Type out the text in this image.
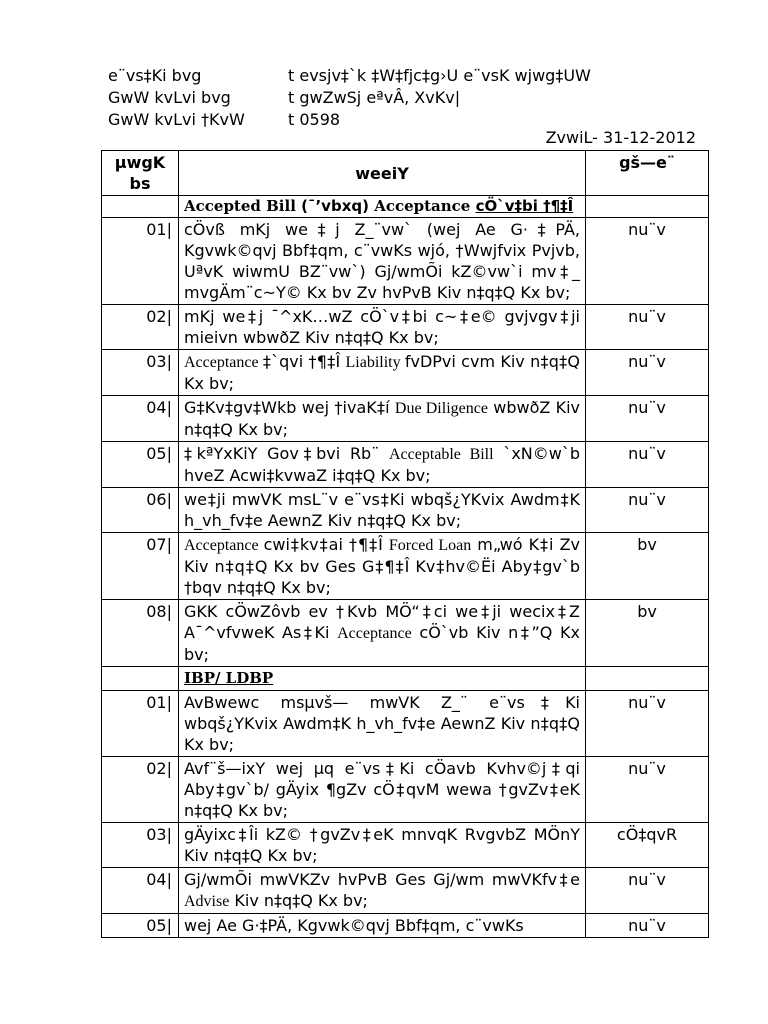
e¨vs‡Ki bvg	t evsjv‡`k ‡W‡fjc‡g›U e¨vsK wjwg‡UW
GwW kvLvi bvg	t gwZwSj eªvÂ, XvKv|
GwW kvLvi †KvW	t 0598
ZvwiL- 31-12-2012
µwgK bs	weeiY	gš—e¨
	Accepted Bill (¯’vbxq) Acceptance cÖ`v‡bi †¶‡Î	
01|	cÖvß mKj we‡j Z_¨vw` (wej Ae G·‡PÄ, Kgvwk©qvj Bbf‡qm, c¨vwKs wjó, †Wwjfvix Pvjvb, UªvK wiwmU BZ¨vw`) Gj/wmÕi kZ©vw`i mv‡_ mvgÄm¨c~Y© Kx bv Zv hvPvB Kiv n‡q‡Q Kx bv;	nu¨v
02|	mKj we‡j ¯^xK…wZ cÖ`v‡bi c~‡e© gvjvgv‡ji mieivn wbwðZ Kiv n‡q‡Q Kx bv;	nu¨v
03|	Acceptance ‡`qvi †¶‡Î Liability fvDPvi cvm Kiv n‡q‡Q Kx bv;	nu¨v
04|	G‡Kv‡gv‡Wkb wej †ivaK‡í Due Diligence wbwðZ Kiv n‡q‡Q Kx bv;	nu¨v
05|	‡kªYxKiY Gov‡bvi Rb¨ Acceptable Bill `xN©w`b hveZ Acwi‡kvwaZ i‡q‡Q Kx bv;	nu¨v
06|	we‡ji mwVK msL¨v e¨vs‡Ki wbqš¿YKvix Awdm‡K h_vh_fv‡e AewnZ Kiv n‡q‡Q Kx bv;	nu¨v
07|	Acceptance cwi‡kv‡ai †¶‡Î Forced Loan m„wó K‡i Zv Kiv n‡q‡Q Kx bv Ges G‡¶‡Î Kv‡hv©Ëi Aby‡gv`b †bqv n‡q‡Q Kx bv;	bv
08|	GKK cÖwZôvb ev †Kvb MÖ“‡ci we‡ji wecix‡Z A¯^vfvweK As‡Ki Acceptance cÖ`vb Kiv n‡”Q Kx bv;	bv
	IBP/ LDBP	
01|	AvBwewc msµvš— mwVK Z_¨ e¨vs‡Ki wbqš¿YKvix Awdm‡K h_vh_fv‡e AewnZ Kiv n‡q‡Q Kx bv;	nu¨v
02|	Avf¨š—ixY wej µq e¨vs‡Ki cÖavb Kvhv©j‡qi Aby‡gv`b/ gÄyix ¶gZv cÖ‡qvM wewa †gvZv‡eK n‡q‡Q Kx bv;	nu¨v
03|	gÄyixc‡Îi kZ© †gvZv‡eK mnvqK RvgvbZ MÖnY Kiv n‡q‡Q Kx bv;	cÖ‡qvR
04|	Gj/wmÕi mwVKZv hvPvB Ges Gj/wm mwVKfv‡e Advise Kiv n‡q‡Q Kx bv;	nu¨v
05|	wej Ae G·‡PÄ, Kgvwk©qvj Bbf‡qm, c¨vwKs	nu¨v
